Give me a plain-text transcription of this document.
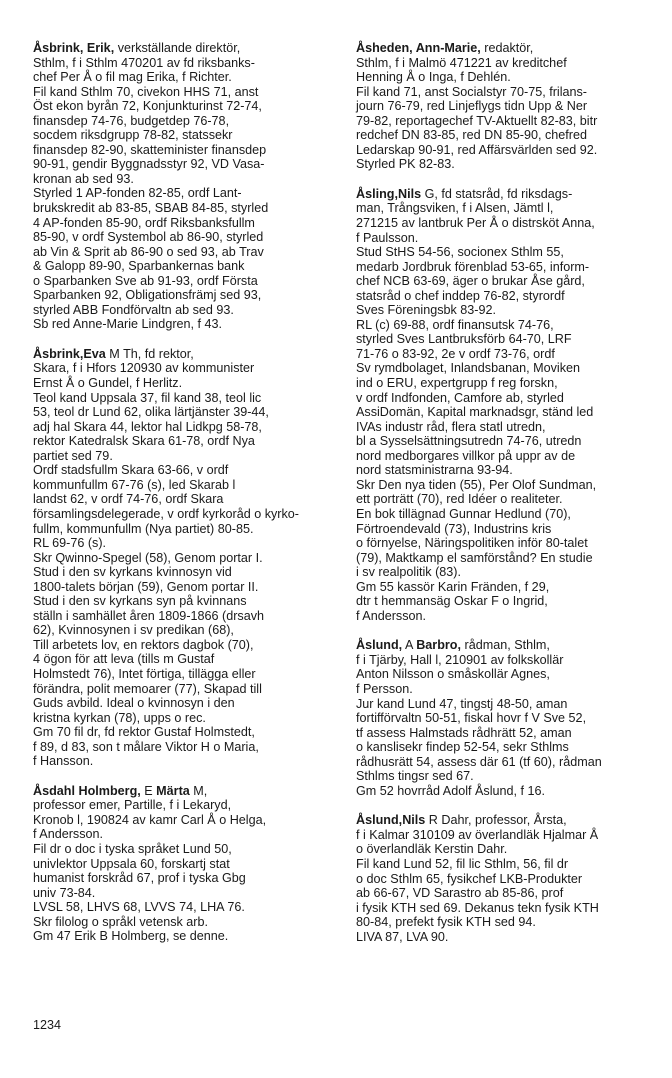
Åsbrink, Erik, verkställande direktör,
Sthlm, f i Sthlm 470201 av fd riksbanks-
chef Per Å o fil mag Erika, f Richter.
Fil kand Sthlm 70, civekon HHS 71, anst
Öst ekon byrån 72, Konjunkturinst 72-74,
finansdep 74-76, budgetdep 76-78,
socdem riksdgrupp 78-82, statssekr
finansdep 82-90, skatteminister finansdep
90-91, gendir Byggnadsstyr 92, VD Vasa-
kronan ab sed 93.
Styrled 1 AP-fonden 82-85, ordf Lant-
brukskredit ab 83-85, SBAB 84-85, styrled
4 AP-fonden 85-90, ordf Riksbanksfullm
85-90, v ordf Systembol ab 86-90, styrled
ab Vin & Sprit ab 86-90 o sed 93, ab Trav
& Galopp 89-90, Sparbankernas bank
o Sparbanken Sve ab 91-93, ordf Första
Sparbanken 92, Obligationsfrämj sed 93,
styrled ABB Fondförvaltn ab sed 93.
Sb red Anne-Marie Lindgren, f 43.
Åsbrink,Eva M Th, fd rektor,
Skara, f i Hfors 120930 av kommunister
Ernst Å o Gundel, f Herlitz.
Teol kand Uppsala 37, fil kand 38, teol lic
53, teol dr Lund 62, olika lärtjänster 39-44,
adj hal Skara 44, lektor hal Lidkpg 58-78,
rektor Katedralsk Skara 61-78, ordf Nya
partiet sed 79.
Ordf stadsfullm Skara 63-66, v ordf
kommunfullm 67-76 (s), led Skarab l
landst 62, v ordf 74-76, ordf Skara
församlingsdelegerade, v ordf kyrkoråd o kyrko-
fullm, kommunfullm (Nya partiet) 80-85.
RL 69-76 (s).
Skr Qwinno-Spegel (58), Genom portar I.
Stud i den sv kyrkans kvinnosyn vid
1800-talets början (59), Genom portar II.
Stud i den sv kyrkans syn på kvinnans
ställn i samhället åren 1809-1866 (drsavh
62), Kvinnosynen i sv predikan (68),
Till arbetets lov, en rektors dagbok (70),
4 ögon för att leva (tills m Gustaf
Holmstedt 76), Intet förtiga, tillägga eller
förändra, polit memoarer (77), Skapad till
Guds avbild. Ideal o kvinnosyn i den
kristna kyrkan (78), upps o rec.
Gm 70 fil dr, fd rektor Gustaf Holmstedt,
f 89, d 83, son t målare Viktor H o Maria,
f Hansson.
Åsdahl Holmberg, E Märta M,
professor emer, Partille, f i Lekaryd,
Kronob l, 190824 av kamr Carl Å o Helga,
f Andersson.
Fil dr o doc i tyska språket Lund 50,
univlektor Uppsala 60, forskartj stat
humanist forskråd 67, prof i tyska Gbg
univ 73-84.
LVSL 58, LHVS 68, LVVS 74, LHA 76.
Skr filolog o språkl vetensk arb.
Gm 47 Erik B Holmberg, se denne.
Åsheden, Ann-Marie, redaktör,
Sthlm, f i Malmö 471221 av kreditchef
Henning Å o Inga, f Dehlén.
Fil kand 71, anst Socialstyr 70-75, frilans-
journ 76-79, red Linjeflygs tidn Upp & Ner
79-82, reportagechef TV-Aktuellt 82-83, bitr
redchef DN 83-85, red DN 85-90, chefred
Ledarskap 90-91, red Affärsvärlden sed 92.
Styrled PK 82-83.
Åsling,Nils G, fd statsråd, fd riksdags-
man, Trångsviken, f i Alsen, Jämtl l,
271215 av lantbruk Per Å o distrsköt Anna,
f Paulsson.
Stud StHS 54-56, socionex Sthlm 55,
medarb Jordbruk förenblad 53-65, inform-
chef NCB 63-69, äger o brukar Åse gård,
statsråd o chef inddep 76-82, styrordf
Sves Föreningsbk 83-92.
RL (c) 69-88, ordf finansutsk 74-76,
styrled Sves Lantbruksförb 64-70, LRF
71-76 o 83-92, 2e v ordf 73-76, ordf
Sv rymdbolaget, Inlandsbanan, Moviken
ind o ERU, expertgrupp f reg forskn,
v ordf Indfonden, Camfore ab, styrled
AssiDomän, Kapital marknadsgr, ständ led
IVAs industr råd, flera statl utredn,
bl a Sysselsättningsutredn 74-76, utredn
nord medborgares villkor på uppr av de
nord statsministrarna 93-94.
Skr Den nya tiden (55), Per Olof Sundman,
ett porträtt (70), red Idéer o realiteter.
En bok tillägnad Gunnar Hedlund (70),
Förtroendevald (73), Industrins kris
o förnyelse, Näringspolitiken inför 80-talet
(79), Maktkamp el samförstånd? En studie
i sv realpolitik (83).
Gm 55 kassör Karin Fränden, f 29,
dtr t hemmansäg Oskar F o Ingrid,
f Andersson.
Åslund, A Barbro, rådman, Sthlm,
f i Tjärby, Hall l, 210901 av folkskollär
Anton Nilsson o småskollär Agnes,
f Persson.
Jur kand Lund 47, tingstj 48-50, aman
fortifförvaltn 50-51, fiskal hovr f V Sve 52,
tf assess Halmstads rådhrätt 52, aman
o kanslisekr findep 52-54, sekr Sthlms
rådhusrätt 54, assess där 61 (tf 60), rådman
Sthlms tingsr sed 67.
Gm 52 hovrråd Adolf Åslund, f 16.
Åslund,Nils R Dahr, professor, Årsta,
f i Kalmar 310109 av överlandläk Hjalmar Å
o överlandläk Kerstin Dahr.
Fil kand Lund 52, fil lic Sthlm, 56, fil dr
o doc Sthlm 65, fysikchef LKB-Produkter
ab 66-67, VD Sarastro ab 85-86, prof
i fysik KTH sed 69. Dekanus tekn fysik KTH
80-84, prefekt fysik KTH sed 94.
LIVA 87, LVA 90.
1234
